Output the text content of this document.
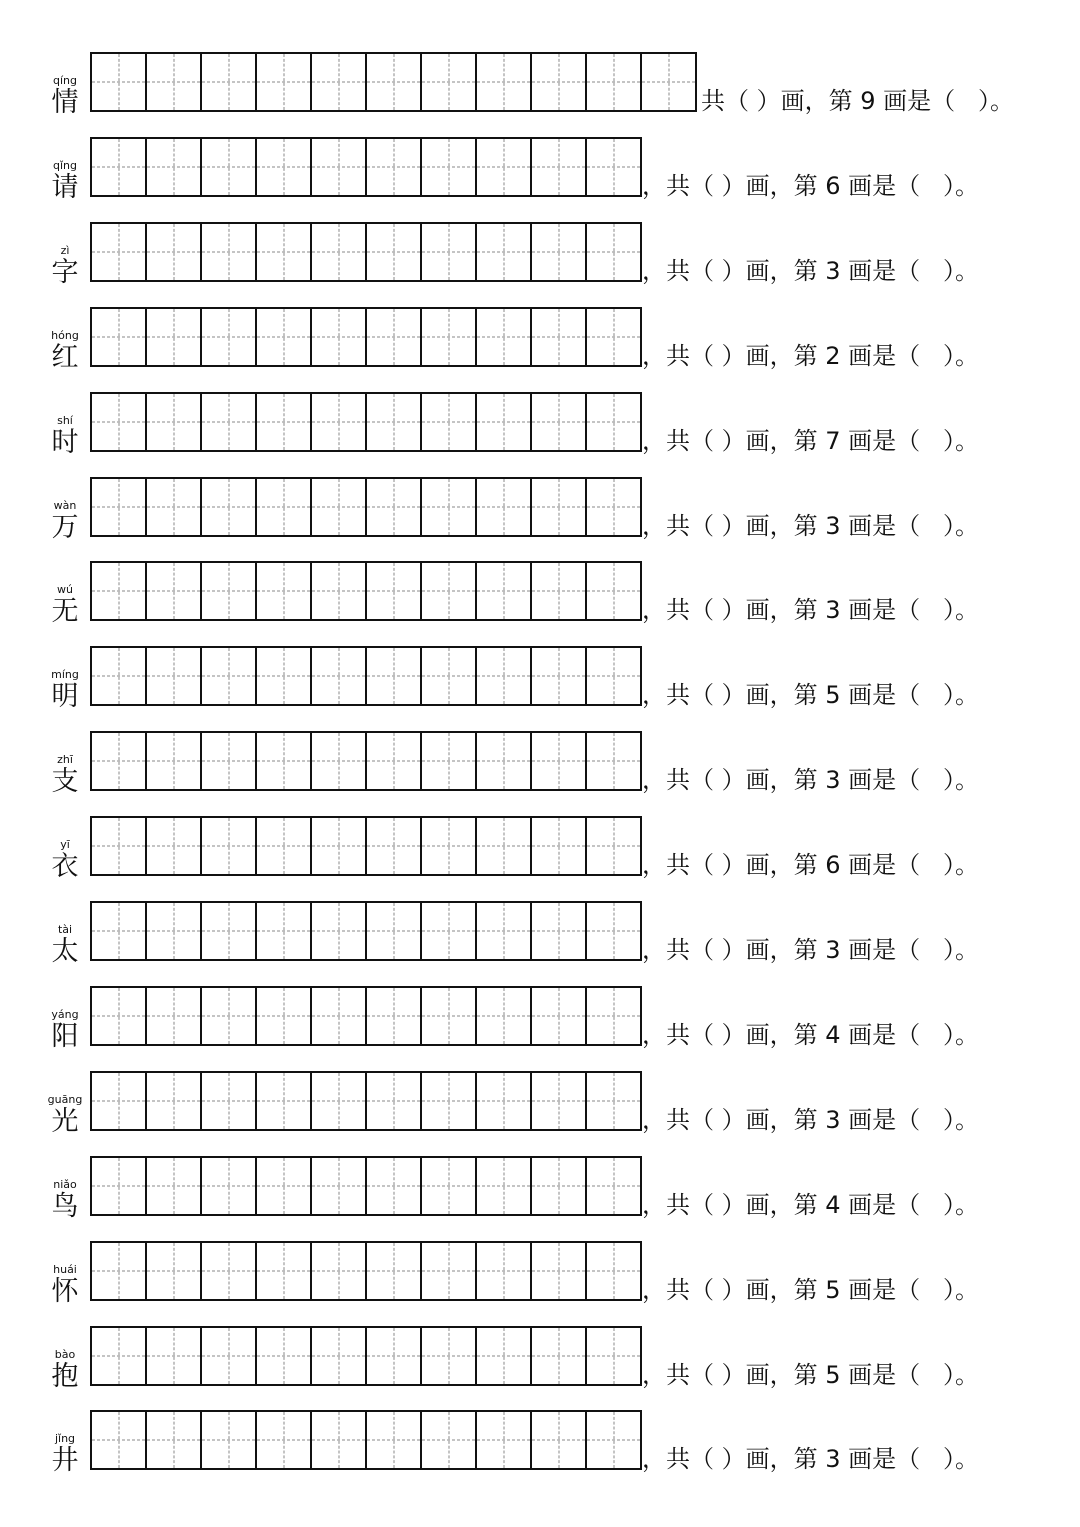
qíng
情	共（ ）画，第 9 画是（   ）。
qǐng
请	，共（ ）画，第 6 画是（   ）。
zì
字	，共（ ）画，第 3 画是（   ）。
hóng
红	，共（ ）画，第 2 画是（   ）。
shí
时	，共（ ）画，第 7 画是（   ）。
wàn
万	，共（ ）画，第 3 画是（   ）。
wú
无	，共（ ）画，第 3 画是（   ）。
míng
明	，共（ ）画，第 5 画是（   ）。
zhī
支	，共（ ）画，第 3 画是（   ）。
yī
衣	，共（ ）画，第 6 画是（   ）。
tài
太	，共（ ）画，第 3 画是（   ）。
yáng
阳	，共（ ）画，第 4 画是（   ）。
guāng
光	，共（ ）画，第 3 画是（   ）。
niǎo
鸟	，共（ ）画，第 4 画是（   ）。
huái
怀	，共（ ）画，第 5 画是（   ）。
bào
抱	，共（ ）画，第 5 画是（   ）。
jǐng
井	，共（ ）画，第 3 画是（   ）。
